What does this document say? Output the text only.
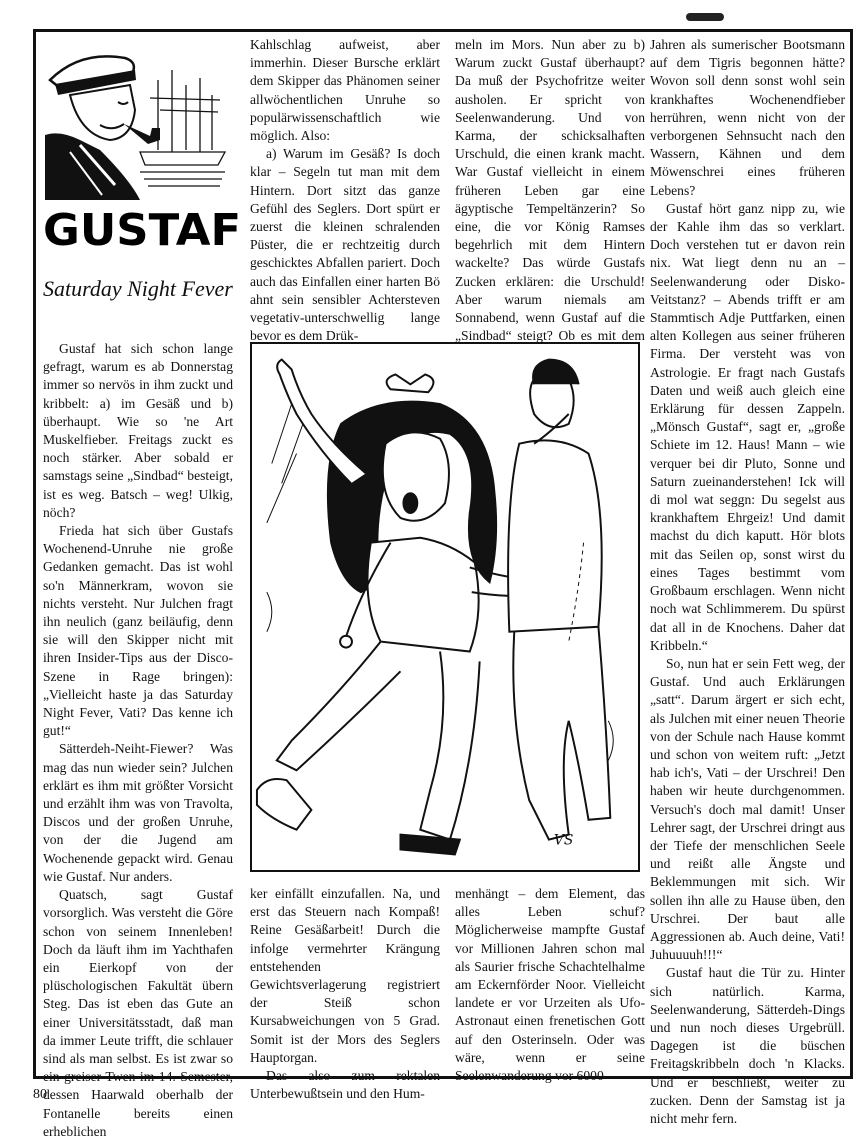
GUSTAF
Saturday Night Fever

Gustaf hat sich schon lange gefragt, warum es ab Donnerstag immer so nervös in ihm zuckt und kribbelt: a) im Gesäß und b) überhaupt. Wie so 'ne Art Muskelfieber. Freitags zuckt es noch stärker. Aber sobald er samstags seine „Sindbad“ besteigt, ist es weg. Batsch – weg! Ulkig, nöch?

Frieda hat sich über Gustafs Wochenend-Unruhe nie große Gedanken gemacht. Das ist wohl so'n Männerkram, wovon sie nichts versteht. Nur Julchen fragt ihn neulich (ganz beiläufig, denn sie will den Skipper nicht mit ihren Insider-Tips aus der Disco-Szene in Rage bringen): „Vielleicht haste ja das Saturday Night Fever, Vati? Das kenne ich gut!“

Sätterdeh-Neiht-Fiewer? Was mag das nun wieder sein? Julchen erklärt es ihm mit größter Vorsicht und erzählt ihm was von Travolta, Discos und der großen Unruhe, von der die Jugend am Wochenende gepackt wird. Genau wie Gustaf. Nur anders.

Quatsch, sagt Gustaf vorsorglich. Was versteht die Göre schon von seinem Innenleben! Doch da läuft ihm im Yachthafen ein Eierkopf von der plüschologischen Fakultät übern Steg. Das ist eben das Gute an einer Universitätsstadt, daß man da immer Leute trifft, die schlauer sind als man selbst. Es ist zwar so ein greiser Twen im 14. Semester, dessen Haarwald oberhalb der Fontanelle bereits einen erheblichen

Kahlschlag aufweist, aber immerhin. Dieser Bursche erklärt dem Skipper das Phänomen seiner allwöchentlichen Unruhe so populärwissenschaftlich wie möglich. Also:

a) Warum im Gesäß? Is doch klar – Segeln tut man mit dem Hintern. Dort sitzt das ganze Gefühl des Seglers. Dort spürt er zuerst die kleinen schralenden Püster, die er rechtzeitig durch geschicktes Abfallen pariert. Doch auch das Einfallen einer harten Bö ahnt sein sensibler Achtersteven vegetativ-unterschwellig lange bevor es dem Drük-

meln im Mors. Nun aber zu b) Warum zuckt Gustaf überhaupt? Da muß der Psychofritze weiter ausholen. Er spricht von Seelenwanderung. Und von Karma, der schicksalhaften Urschuld, die einen krank macht. War Gustaf vielleicht in einem früheren Leben gar eine ägyptische Tempeltänzerin? So eine, die vor König Ramses begehrlich mit dem Hintern wackelte? Das würde Gustafs Zucken erklären: die Urschuld! Aber warum niemals am Sonnabend, wenn Gustaf auf die „Sindbad“ steigt? Ob es mit dem Wasser zusam-

Jahren als sumerischer Bootsmann auf dem Tigris begonnen hätte? Wovon soll denn sonst wohl sein krankhaftes Wochenendfieber herrühren, wenn nicht von der verborgenen Sehnsucht nach den Wassern, Kähnen und dem Möwenschrei eines früheren Lebens?

Gustaf hört ganz nipp zu, wie der Kahle ihm das so verklart. Doch verstehen tut er davon rein nix. Wat liegt denn nu an – Seelenwanderung oder Disko-Veitstanz? – Abends trifft er am Stammtisch Adje Puttfarken, einen alten Kollegen aus seiner früheren Firma. Der versteht was von Astrologie. Er fragt nach Gustafs Daten und weiß auch gleich eine Erklärung für dessen Zappeln. „Mönsch Gustaf“, sagt er, „große Schiete im 12. Haus! Mann – wie verquer bei dir Pluto, Sonne und Saturn zueinanderstehen! Ick will di mol wat seggn: Du segelst aus krankhaftem Ehrgeiz! Und damit machst du dich kaputt. Hör blots mit das Seilen op, sonst wirst du eines Tages bestimmt vom Großbaum erschlagen. Wenn nicht noch wat Schlimmerem. Du spürst dat all in de Knochens. Daher dat Kribbeln.“

So, nun hat er sein Fett weg, der Gustaf. Und auch Erklärungen „satt“. Darum ärgert er sich echt, als Julchen mit einer neuen Theorie von der Schule nach Hause kommt und schon von weitem ruft: „Jetzt hab ich's, Vati – der Urschrei! Den haben wir heute durchgenommen. Versuch's doch mal damit! Unser Lehrer sagt, der Urschrei dringt aus der Tiefe der menschlichen Seele und reißt alle Ängste und Beklemmungen mit sich. Wir sollen ihn alle zu Hause üben, den Urschrei. Der baut alle Aggressionen ab. Auch deine, Vati! Juhuuuuh!!!“

Gustaf haut die Tür zu. Hinter sich natürlich. Karma, Seelenwanderung, Sätterdeh-Dings und nun noch dieses Urgebrüll. Dagegen ist die büschen Freitagskribbeln doch 'n Klacks. Und er beschließt, weiter zu zucken. Denn der Samstag ist ja nicht mehr fern.

VS

ker einfällt einzufallen. Na, und erst das Steuern nach Kompaß! Reine Gesäßarbeit! Durch die infolge vermehrter Krängung entstehenden Gewichtsverlagerung registriert der Steiß schon Kursabweichungen von 5 Grad. Somit ist der Mors des Seglers Hauptorgan.

Das also zum rektalen Unterbewußtsein und den Hum-

menhängt – dem Element, das alles Leben schuf? Möglicherweise mampfte Gustaf vor Millionen Jahren schon mal als Saurier frische Schachtelhalme am Eckernförder Noor. Vielleicht landete er vor Urzeiten als Ufo-Astronaut einen frenetischen Gott auf den Osterinseln. Oder was wäre, wenn er seine Seelenwanderung vor 6000

80
